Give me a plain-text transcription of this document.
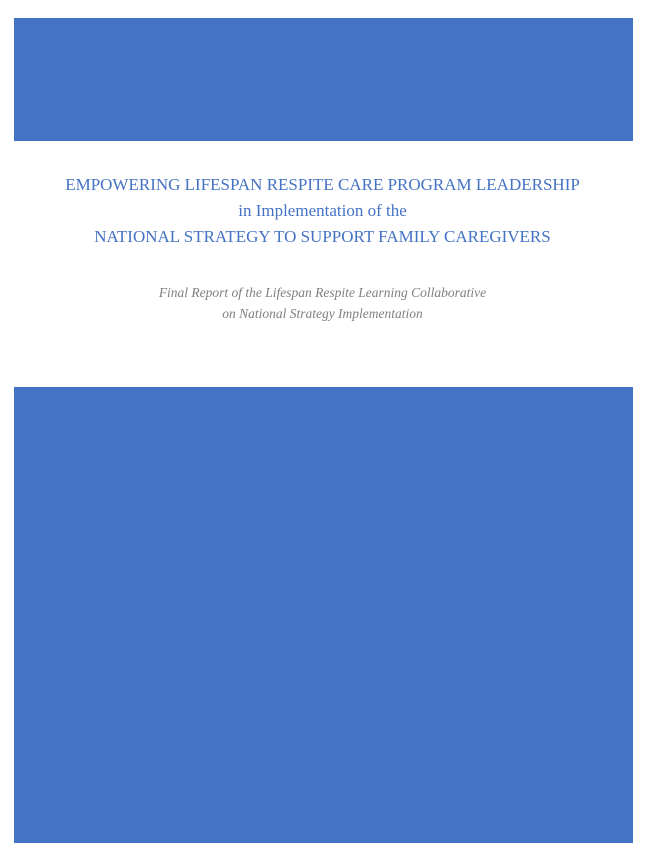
EMPOWERING LIFESPAN RESPITE CARE PROGRAM LEADERSHIP
in Implementation of the
NATIONAL STRATEGY TO SUPPORT FAMILY CAREGIVERS
Final Report of the Lifespan Respite Learning Collaborative
on National Strategy Implementation
